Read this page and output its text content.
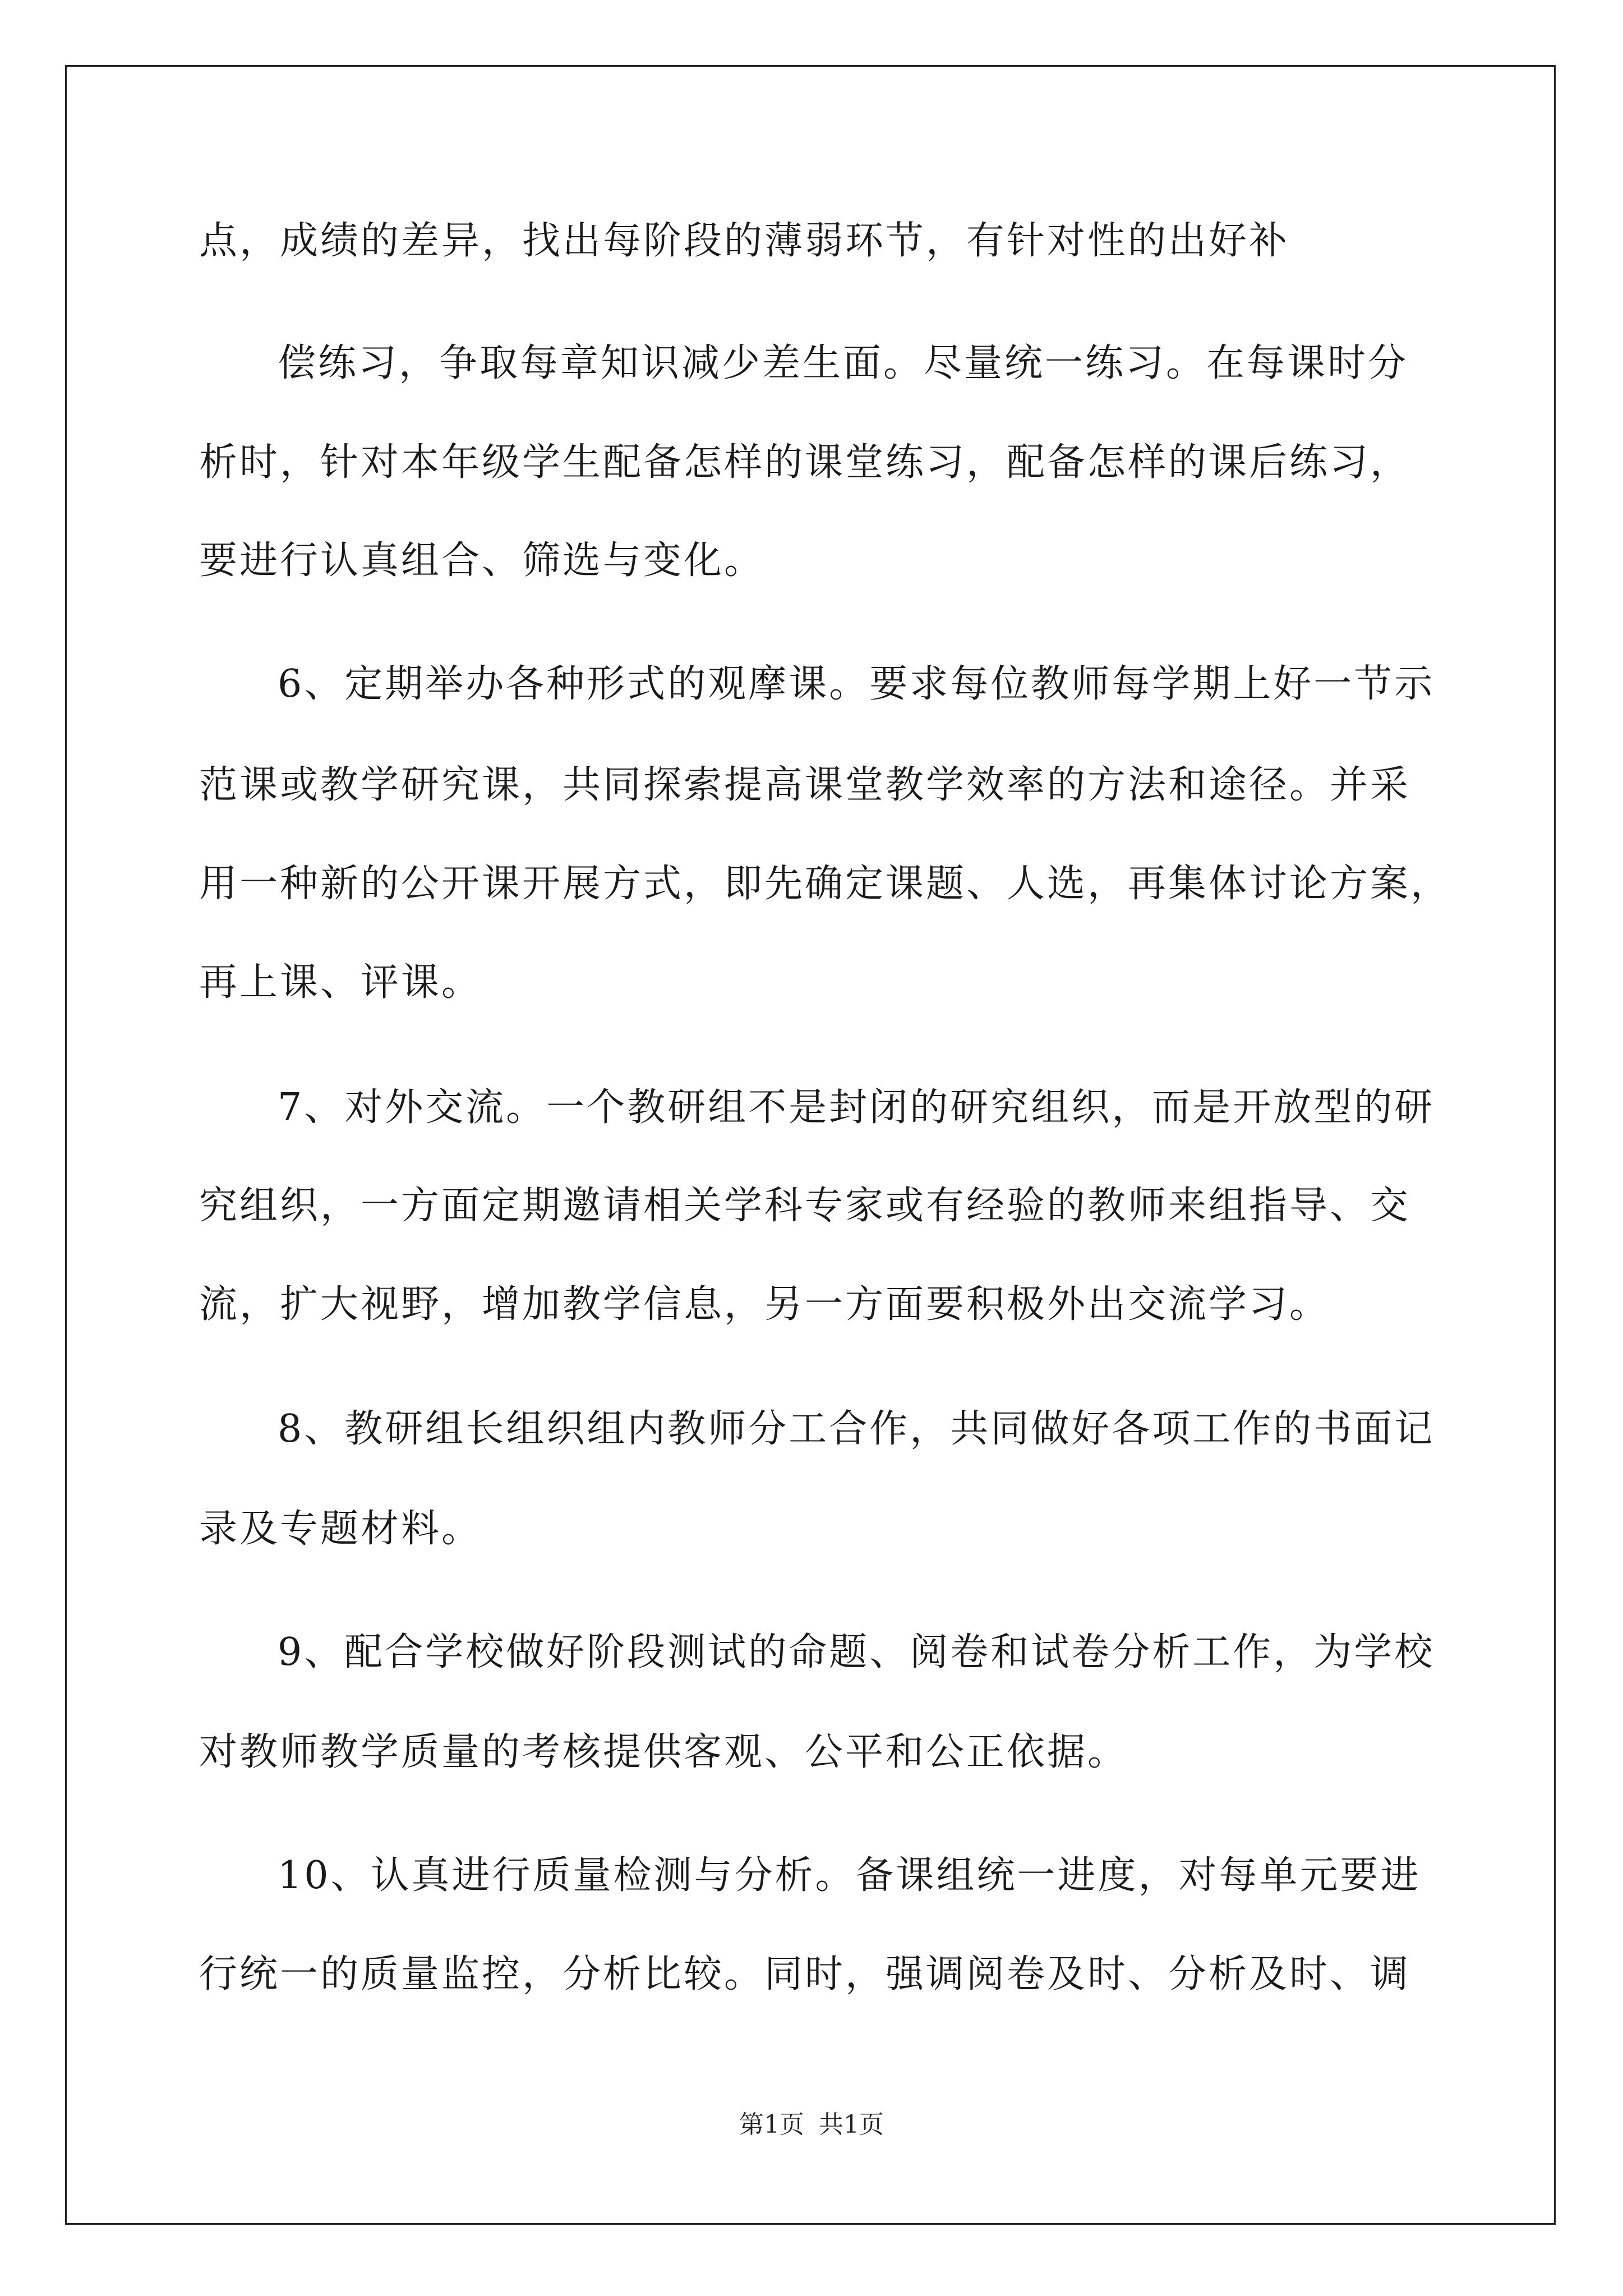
点，成绩的差异，找出每阶段的薄弱环节，有针对性的出好补
偿练习，争取每章知识减少差生面。尽量统一练习。在每课时分
析时，针对本年级学生配备怎样的课堂练习，配备怎样的课后练习，
要进行认真组合、筛选与变化。
6、定期举办各种形式的观摩课。要求每位教师每学期上好一节示
范课或教学研究课，共同探索提高课堂教学效率的方法和途径。并采
用一种新的公开课开展方式，即先确定课题、人选，再集体讨论方案，
再上课、评课。
7、对外交流。一个教研组不是封闭的研究组织，而是开放型的研
究组织，一方面定期邀请相关学科专家或有经验的教师来组指导、交
流，扩大视野，增加教学信息，另一方面要积极外出交流学习。
8、教研组长组织组内教师分工合作，共同做好各项工作的书面记
录及专题材料。
9、配合学校做好阶段测试的命题、阅卷和试卷分析工作，为学校
对教师教学质量的考核提供客观、公平和公正依据。
10、认真进行质量检测与分析。备课组统一进度，对每单元要进
行统一的质量监控，分析比较。同时，强调阅卷及时、分析及时、调
第1页 共1页
